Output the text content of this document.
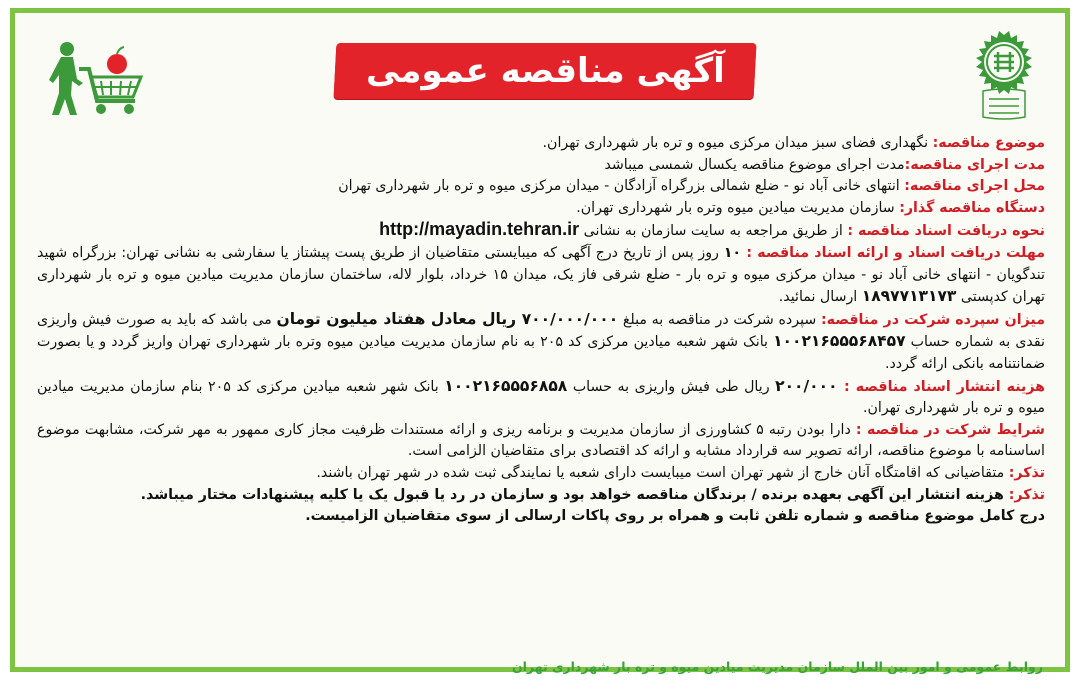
آگهی مناقصه عمومی

موضوع مناقصه: نگهداری فضای سبز میدان مرکزی میوه و تره بار شهرداری تهران.

مدت اجرای مناقصه:مدت اجرای موضوع مناقصه یکسال شمسی میباشد

محل اجرای مناقصه: انتهای خانی آباد نو - ضلع شمالی بزرگراه آزادگان - میدان مرکزی میوه و تره بار شهرداری تهران

دستگاه مناقصه گذار: سازمان مدیریت میادین میوه وتره بار شهرداری تهران.

نحوه دریافت اسناد مناقصه : از طریق مراجعه به سایت سازمان به نشانی http://mayadin.tehran.ir

مهلت دریافت اسناد و ارائه اسناد مناقصه : ۱۰ روز پس از تاریخ درج آگهی که میبایستی متقاضیان از طریق پست پیشتاز یا سفارشی به نشانی تهران: بزرگراه شهید تندگویان - انتهای خانی آباد نو - میدان مرکزی میوه و تره بار - ضلع شرقی فاز یک، میدان ۱۵ خرداد، بلوار لاله، ساختمان سازمان مدیریت میادین میوه و تره بار شهرداری تهران کدپستی ۱۸۹۷۷۱۳۱۷۳ ارسال نمائید.

میزان سپرده شرکت در مناقصه: سپرده شرکت در مناقصه به مبلغ ۷۰۰/۰۰۰/۰۰۰ ریال معادل هفتاد میلیون تومان می باشد که باید به صورت فیش واریزی نقدی به شماره حساب ۱۰۰۲۱۶۵۵۵۶۸۴۵۷ بانک شهر شعبه میادین مرکزی کد ۲۰۵ به نام سازمان مدیریت میادین میوه وتره بار شهرداری تهران واریز گردد و یا بصورت ضمانتنامه بانکی ارائه گردد.

هزینه انتشار اسناد مناقصه : ۲۰۰/۰۰۰ ریال طی فیش واریزی به حساب ۱۰۰۲۱۶۵۵۵۶۸۵۸ بانک شهر شعبه میادین مرکزی کد ۲۰۵ بنام سازمان مدیریت میادین میوه و تره بار شهرداری تهران.

شرایط شرکت در مناقصه : دارا بودن رتبه ۵ کشاورزی از سازمان مدیریت و برنامه ریزی و ارائه مستندات ظرفیت مجاز کاری ممهور به مهر شرکت، مشابهت موضوع اساسنامه با موضوع مناقصه، ارائه تصویر سه قرارداد مشابه و ارائه کد اقتصادی برای متقاضیان الزامی است.

تذکر: متقاضیانی که اقامتگاه آنان خارج از شهر تهران است میبایست دارای شعبه یا نمایندگی ثبت شده در شهر تهران باشند.

تذکر: هزینه انتشار این آگهی بعهده برنده / برندگان مناقصه خواهد بود و سازمان در رد یا قبول یک یا کلیه پیشنهادات مختار میباشد.

درج کامل موضوع مناقصه و شماره تلفن ثابت و همراه بر روی پاکات ارسالی از سوی متقاضیان الزامیست.

روابط عمومی و امور بین الملل سازمان مدیریت میادین میوه و تره بار شهرداری تهران
